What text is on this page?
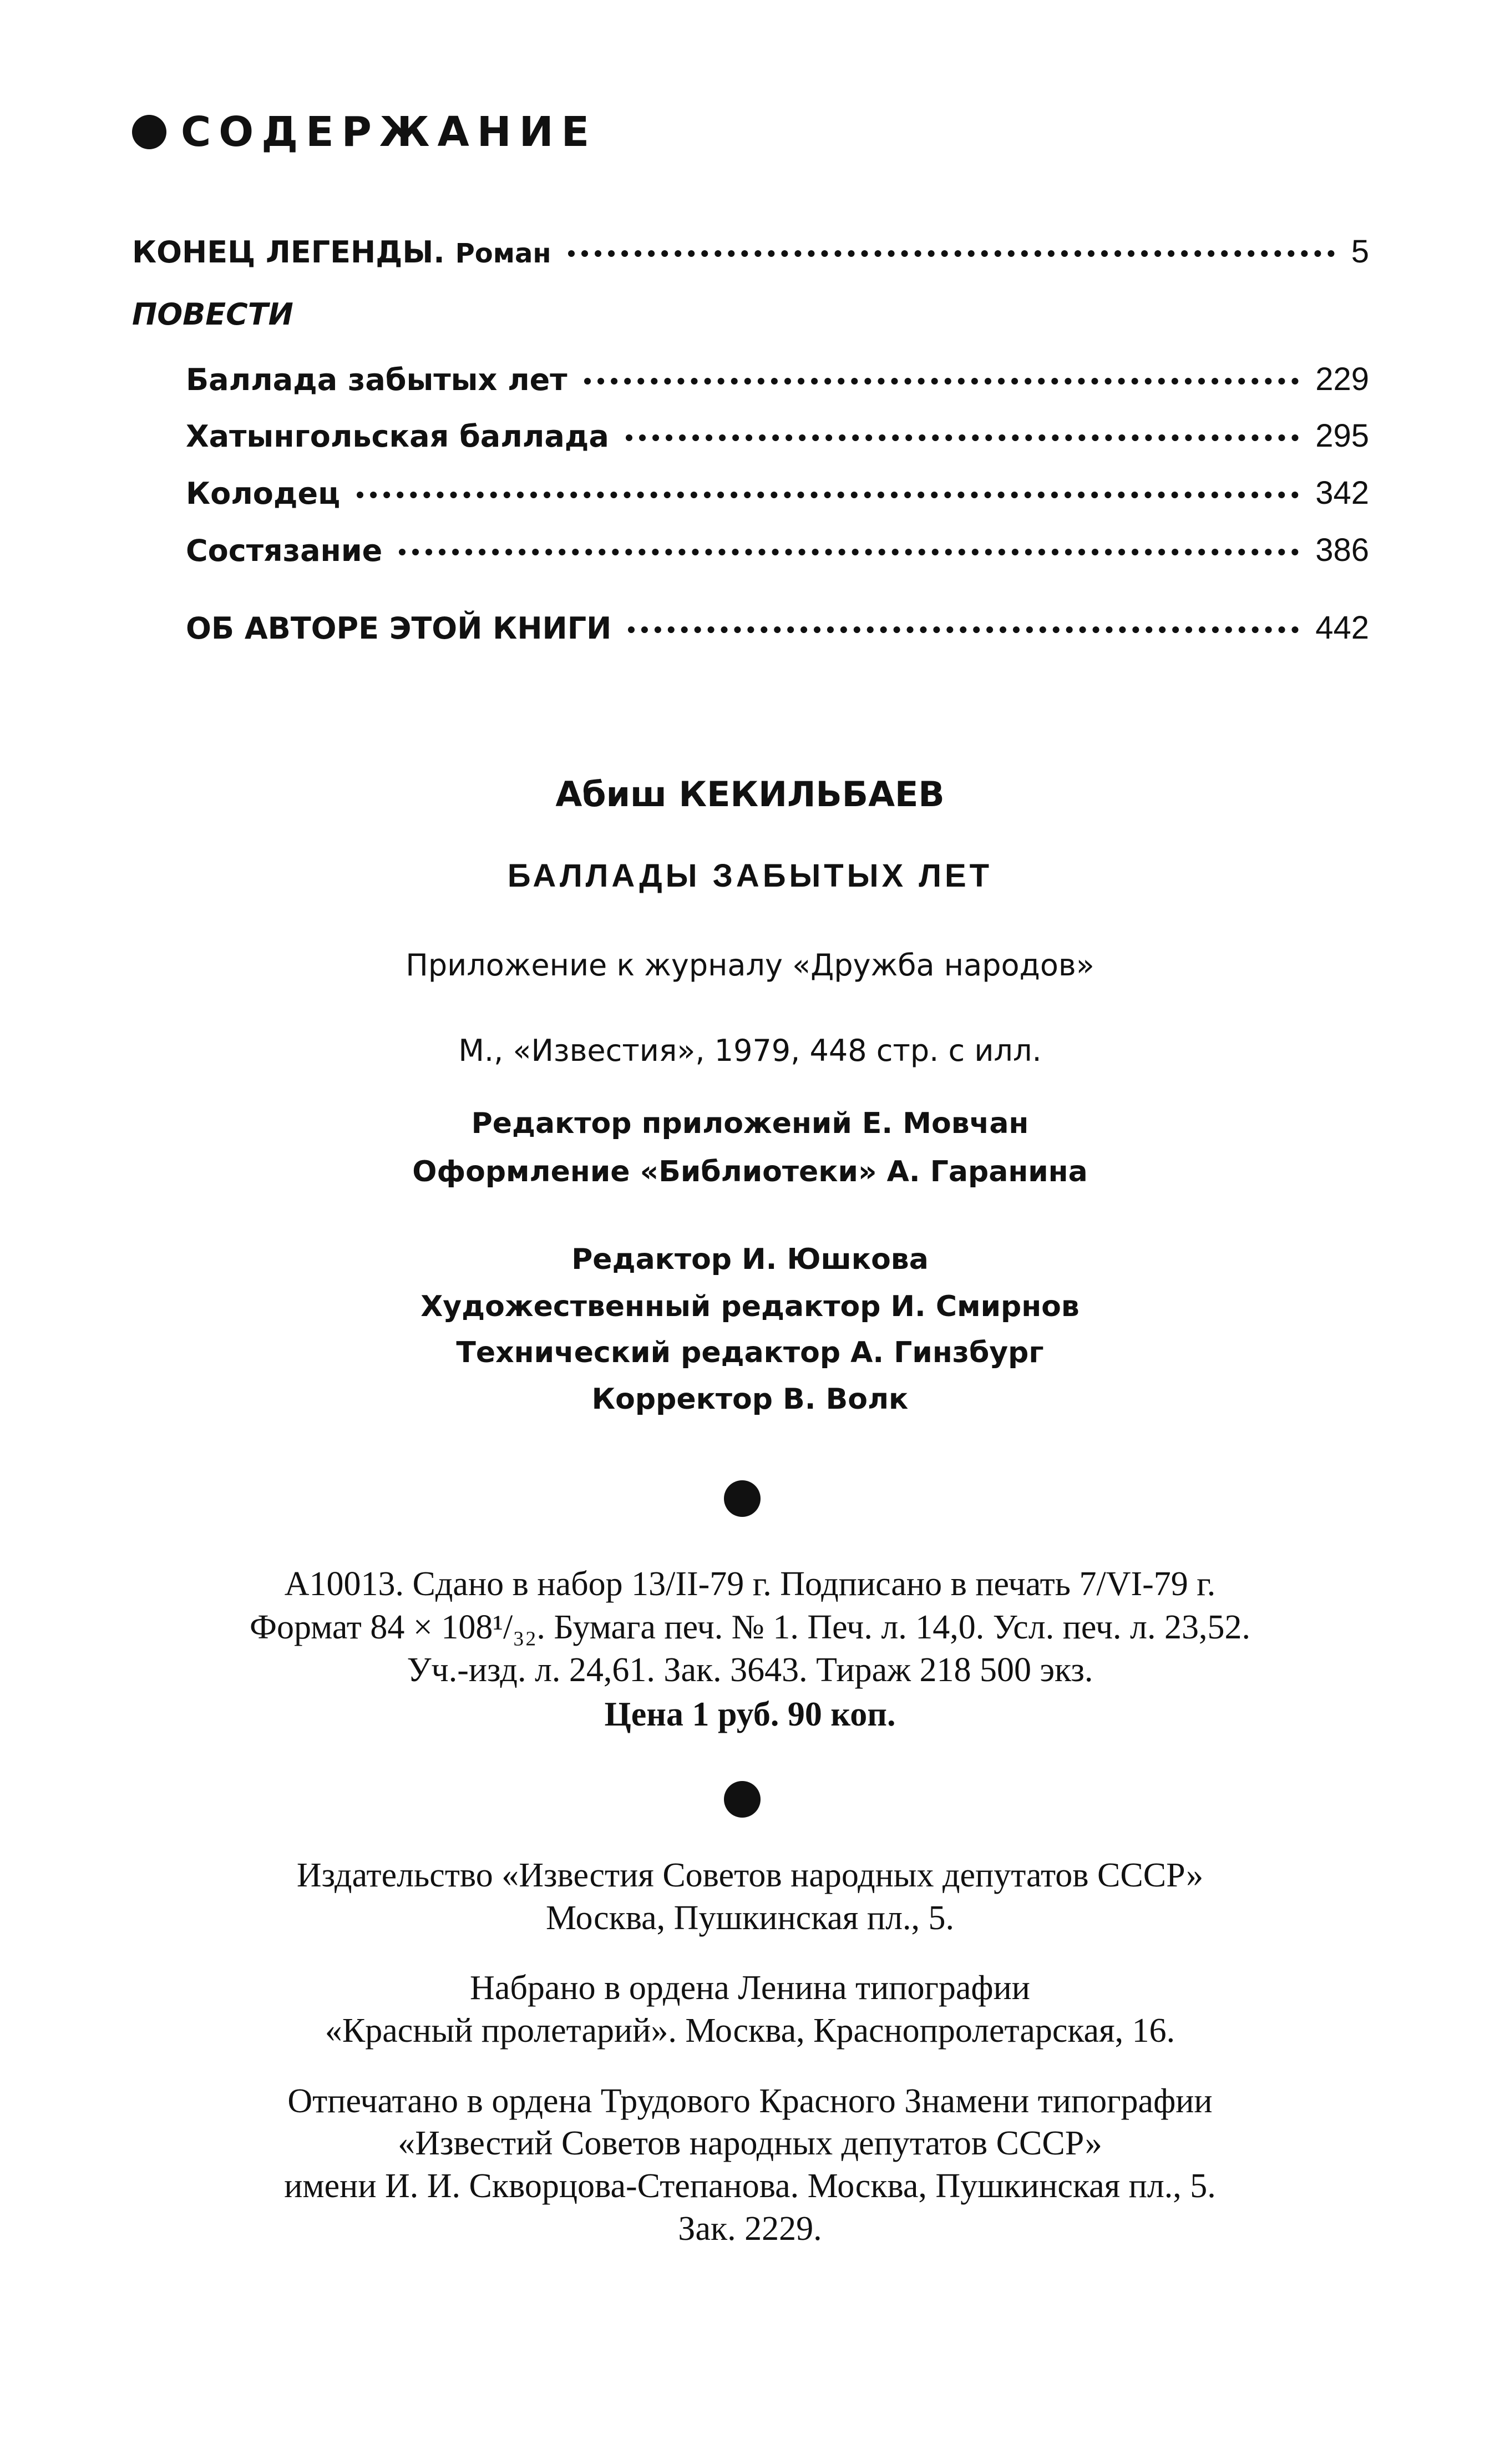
СОДЕРЖАНИЕ
КОНЕЦ ЛЕГЕНДЫ. Роман	5
ПОВЕСТИ
Баллада забытых лет	229
Хатынгольская баллада	295
Колодец	342
Состязание	386
ОБ АВТОРЕ ЭТОЙ КНИГИ	442
Абиш КЕКИЛЬБАЕВ
БАЛЛАДЫ ЗАБЫТЫХ ЛЕТ
Приложение к журналу «Дружба народов»
М., «Известия», 1979, 448 стр. с илл.
Редактор приложений Е. Мовчан
Оформление «Библиотеки» А. Гаранина
Редактор И. Юшкова
Художественный редактор И. Смирнов
Технический редактор А. Гинзбург
Корректор В. Волк
А10013. Сдано в набор 13/II-79 г. Подписано в печать 7/VI-79 г.
Формат 84 × 108¹/₃₂. Бумага печ. № 1. Печ. л. 14,0. Усл. печ. л. 23,52.
Уч.-изд. л. 24,61. Зак. 3643. Тираж 218 500 экз.
Цена 1 руб. 90 коп.
Издательство «Известия Советов народных депутатов СССР»
Москва, Пушкинская пл., 5.
Набрано в ордена Ленина типографии
«Красный пролетарий». Москва, Краснопролетарская, 16.
Отпечатано в ордена Трудового Красного Знамени типографии
«Известий Советов народных депутатов СССР»
имени И. И. Скворцова-Степанова. Москва, Пушкинская пл., 5.
Зак. 2229.
